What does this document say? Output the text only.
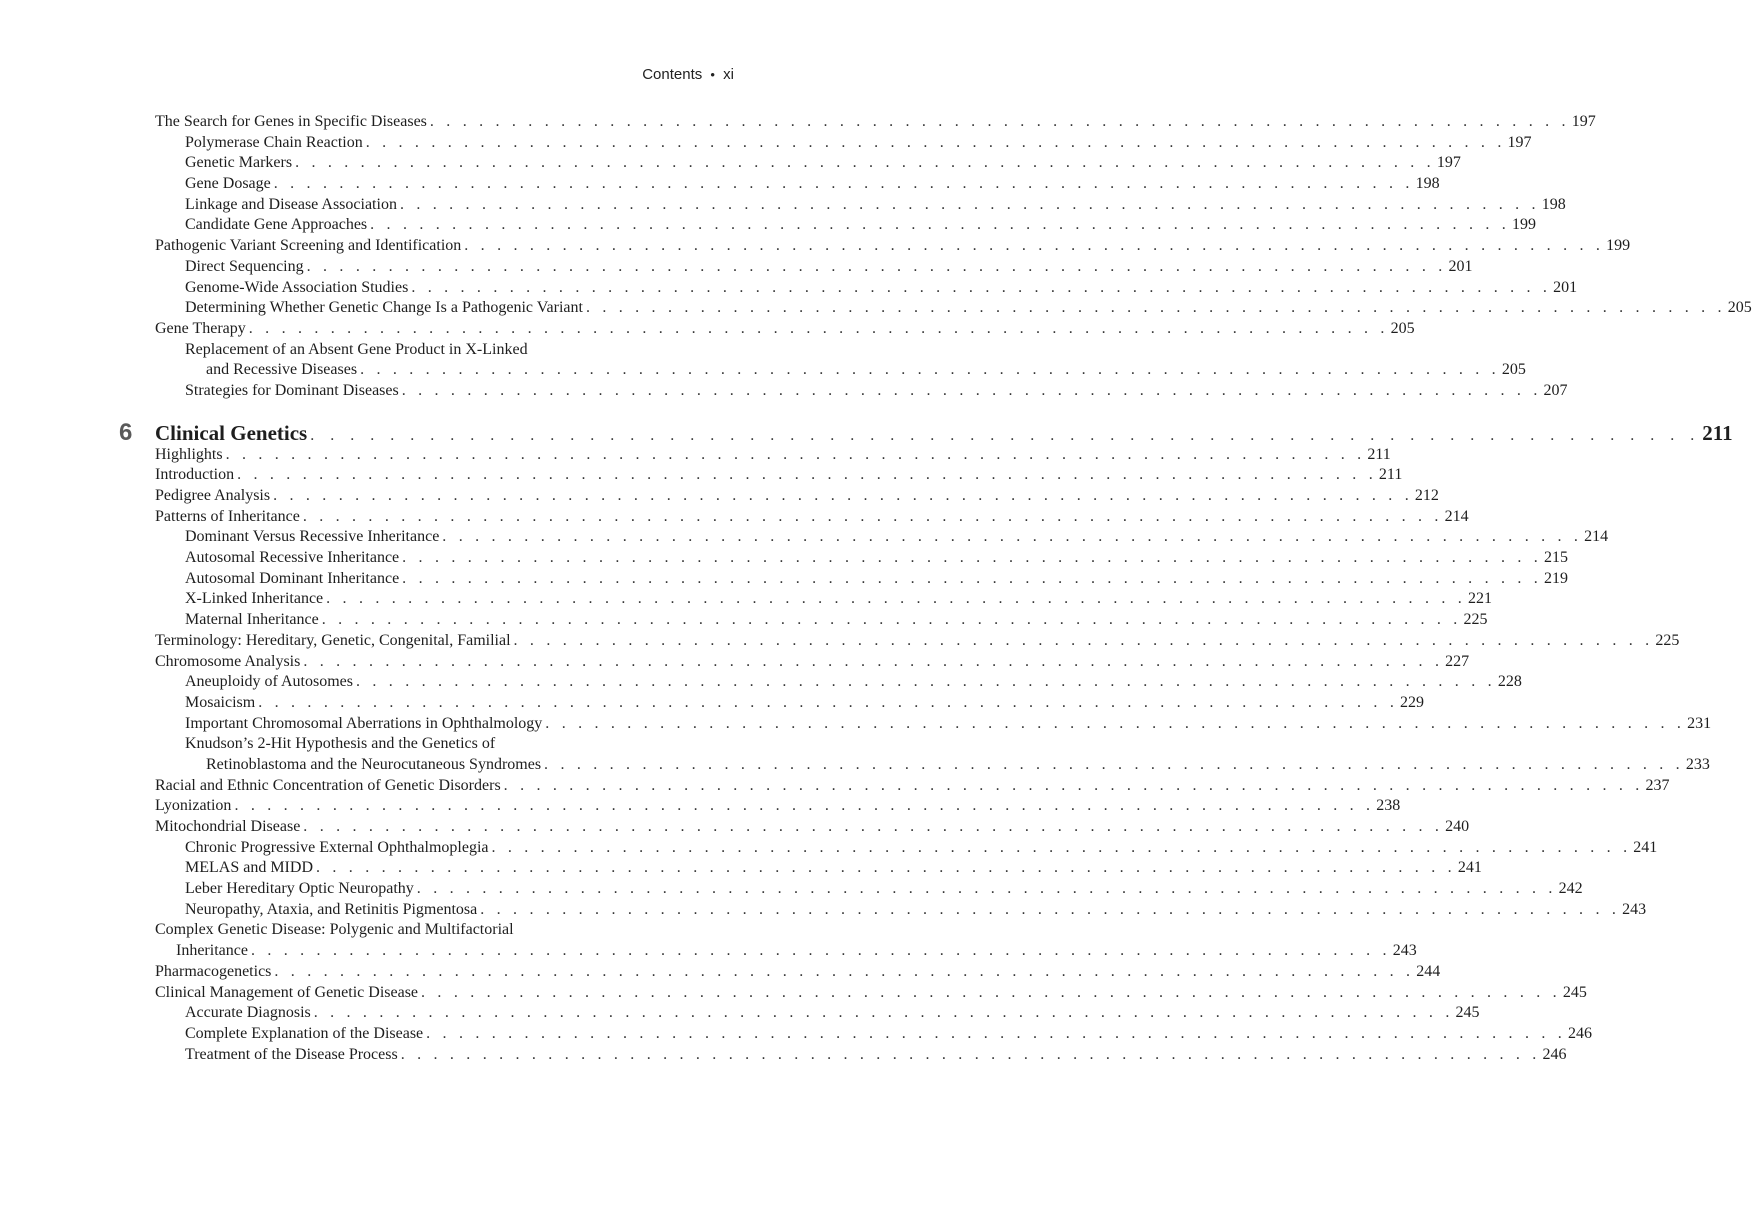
Contents • xi
The Search for Genes in Specific Diseases . . . . . . . . . . . . . . . . . . . . . . . . . . . . . . . . . . . . . . . . . . . . . . . . . . . . . . . . . . . . . . . . . . . . . . 197
Polymerase Chain Reaction . . . . . . . . . . . . . . . . . . . . . . . . . . . . . . . . . . . . . . . . . . . . . . . . . . . . . . . . . . . . . . . . . . . . . . 197
Genetic Markers . . . . . . . . . . . . . . . . . . . . . . . . . . . . . . . . . . . . . . . . . . . . . . . . . . . . . . . . . . . . . . . . . . . . . . 197
Gene Dosage . . . . . . . . . . . . . . . . . . . . . . . . . . . . . . . . . . . . . . . . . . . . . . . . . . . . . . . . . . . . . . . . . . . . . . 198
Linkage and Disease Association . . . . . . . . . . . . . . . . . . . . . . . . . . . . . . . . . . . . . . . . . . . . . . . . . . . . . . . . . . . . . . . . . . . . . . 198
Candidate Gene Approaches . . . . . . . . . . . . . . . . . . . . . . . . . . . . . . . . . . . . . . . . . . . . . . . . . . . . . . . . . . . . . . . . . . . . . . 199
Pathogenic Variant Screening and Identification . . . . . . . . . . . . . . . . . . . . . . . . . . . . . . . . . . . . . . . . . . . . . . . . . . . . . . . . . . . . . . . . . . . . . . 199
Direct Sequencing . . . . . . . . . . . . . . . . . . . . . . . . . . . . . . . . . . . . . . . . . . . . . . . . . . . . . . . . . . . . . . . . . . . . . . 201
Genome-Wide Association Studies . . . . . . . . . . . . . . . . . . . . . . . . . . . . . . . . . . . . . . . . . . . . . . . . . . . . . . . . . . . . . . . . . . . . . . 201
Determining Whether Genetic Change Is a Pathogenic Variant . . . . . . . . . . . . . . . . . . . . . . . . . . . . . . . . . . . . . . . . . . . . . . . . . . . . . . . . . . . . . . . . . . . . . . 205
Gene Therapy . . . . . . . . . . . . . . . . . . . . . . . . . . . . . . . . . . . . . . . . . . . . . . . . . . . . . . . . . . . . . . . . . . . . . . 205
Replacement of an Absent Gene Product in X-Linked
and Recessive Diseases . . . . . . . . . . . . . . . . . . . . . . . . . . . . . . . . . . . . . . . . . . . . . . . . . . . . . . . . . . . . . . . . . . . . . . 205
Strategies for Dominant Diseases . . . . . . . . . . . . . . . . . . . . . . . . . . . . . . . . . . . . . . . . . . . . . . . . . . . . . . . . . . . . . . . . . . . . . . 207
6 Clinical Genetics . . . . . . . . . . . . . . . . . . . . . . . . . . . . . . . . . . . . . . . . . . . . . . . . . . . . . . . . . . . . . . . . . . . . . . 211
Highlights . . . . . . . . . . . . . . . . . . . . . . . . . . . . . . . . . . . . . . . . . . . . . . . . . . . . . . . . . . . . . . . . . . . . . . 211
Introduction . . . . . . . . . . . . . . . . . . . . . . . . . . . . . . . . . . . . . . . . . . . . . . . . . . . . . . . . . . . . . . . . . . . . . . 211
Pedigree Analysis . . . . . . . . . . . . . . . . . . . . . . . . . . . . . . . . . . . . . . . . . . . . . . . . . . . . . . . . . . . . . . . . . . . . . . 212
Patterns of Inheritance . . . . . . . . . . . . . . . . . . . . . . . . . . . . . . . . . . . . . . . . . . . . . . . . . . . . . . . . . . . . . . . . . . . . . . 214
Dominant Versus Recessive Inheritance . . . . . . . . . . . . . . . . . . . . . . . . . . . . . . . . . . . . . . . . . . . . . . . . . . . . . . . . . . . . . . . . . . . . . . 214
Autosomal Recessive Inheritance . . . . . . . . . . . . . . . . . . . . . . . . . . . . . . . . . . . . . . . . . . . . . . . . . . . . . . . . . . . . . . . . . . . . . . 215
Autosomal Dominant Inheritance . . . . . . . . . . . . . . . . . . . . . . . . . . . . . . . . . . . . . . . . . . . . . . . . . . . . . . . . . . . . . . . . . . . . . . 219
X-Linked Inheritance . . . . . . . . . . . . . . . . . . . . . . . . . . . . . . . . . . . . . . . . . . . . . . . . . . . . . . . . . . . . . . . . . . . . . . 221
Maternal Inheritance . . . . . . . . . . . . . . . . . . . . . . . . . . . . . . . . . . . . . . . . . . . . . . . . . . . . . . . . . . . . . . . . . . . . . . 225
Terminology: Hereditary, Genetic, Congenital, Familial . . . . . . . . . . . . . . . . . . . . . . . . . . . . . . . . . . . . . . . . . . . . . . . . . . . . . . . . . . . . . . . . . . . . . . 225
Chromosome Analysis . . . . . . . . . . . . . . . . . . . . . . . . . . . . . . . . . . . . . . . . . . . . . . . . . . . . . . . . . . . . . . . . . . . . . . 227
Aneuploidy of Autosomes . . . . . . . . . . . . . . . . . . . . . . . . . . . . . . . . . . . . . . . . . . . . . . . . . . . . . . . . . . . . . . . . . . . . . . 228
Mosaicism . . . . . . . . . . . . . . . . . . . . . . . . . . . . . . . . . . . . . . . . . . . . . . . . . . . . . . . . . . . . . . . . . . . . . . 229
Important Chromosomal Aberrations in Ophthalmology . . . . . . . . . . . . . . . . . . . . . . . . . . . . . . . . . . . . . . . . . . . . . . . . . . . . . . . . . . . . . . . . . . . . . . 231
Knudson’s 2-Hit Hypothesis and the Genetics of
Retinoblastoma and the Neurocutaneous Syndromes . . . . . . . . . . . . . . . . . . . . . . . . . . . . . . . . . . . . . . . . . . . . . . . . . . . . . . . . . . . . . . . . . . . . . . 233
Racial and Ethnic Concentration of Genetic Disorders . . . . . . . . . . . . . . . . . . . . . . . . . . . . . . . . . . . . . . . . . . . . . . . . . . . . . . . . . . . . . . . . . . . . . . 237
Lyonization . . . . . . . . . . . . . . . . . . . . . . . . . . . . . . . . . . . . . . . . . . . . . . . . . . . . . . . . . . . . . . . . . . . . . . 238
Mitochondrial Disease . . . . . . . . . . . . . . . . . . . . . . . . . . . . . . . . . . . . . . . . . . . . . . . . . . . . . . . . . . . . . . . . . . . . . . 240
Chronic Progressive External Ophthalmoplegia . . . . . . . . . . . . . . . . . . . . . . . . . . . . . . . . . . . . . . . . . . . . . . . . . . . . . . . . . . . . . . . . . . . . . . 241
MELAS and MIDD . . . . . . . . . . . . . . . . . . . . . . . . . . . . . . . . . . . . . . . . . . . . . . . . . . . . . . . . . . . . . . . . . . . . . . 241
Leber Hereditary Optic Neuropathy . . . . . . . . . . . . . . . . . . . . . . . . . . . . . . . . . . . . . . . . . . . . . . . . . . . . . . . . . . . . . . . . . . . . . . 242
Neuropathy, Ataxia, and Retinitis Pigmentosa . . . . . . . . . . . . . . . . . . . . . . . . . . . . . . . . . . . . . . . . . . . . . . . . . . . . . . . . . . . . . . . . . . . . . . 243
Complex Genetic Disease: Polygenic and Multifactorial
Inheritance . . . . . . . . . . . . . . . . . . . . . . . . . . . . . . . . . . . . . . . . . . . . . . . . . . . . . . . . . . . . . . . . . . . . . . 243
Pharmacogenetics . . . . . . . . . . . . . . . . . . . . . . . . . . . . . . . . . . . . . . . . . . . . . . . . . . . . . . . . . . . . . . . . . . . . . . 244
Clinical Management of Genetic Disease . . . . . . . . . . . . . . . . . . . . . . . . . . . . . . . . . . . . . . . . . . . . . . . . . . . . . . . . . . . . . . . . . . . . . . 245
Accurate Diagnosis . . . . . . . . . . . . . . . . . . . . . . . . . . . . . . . . . . . . . . . . . . . . . . . . . . . . . . . . . . . . . . . . . . . . . . 245
Complete Explanation of the Disease . . . . . . . . . . . . . . . . . . . . . . . . . . . . . . . . . . . . . . . . . . . . . . . . . . . . . . . . . . . . . . . . . . . . . . 246
Treatment of the Disease Process . . . . . . . . . . . . . . . . . . . . . . . . . . . . . . . . . . . . . . . . . . . . . . . . . . . . . . . . . . . . . . . . . . . . . . 246
